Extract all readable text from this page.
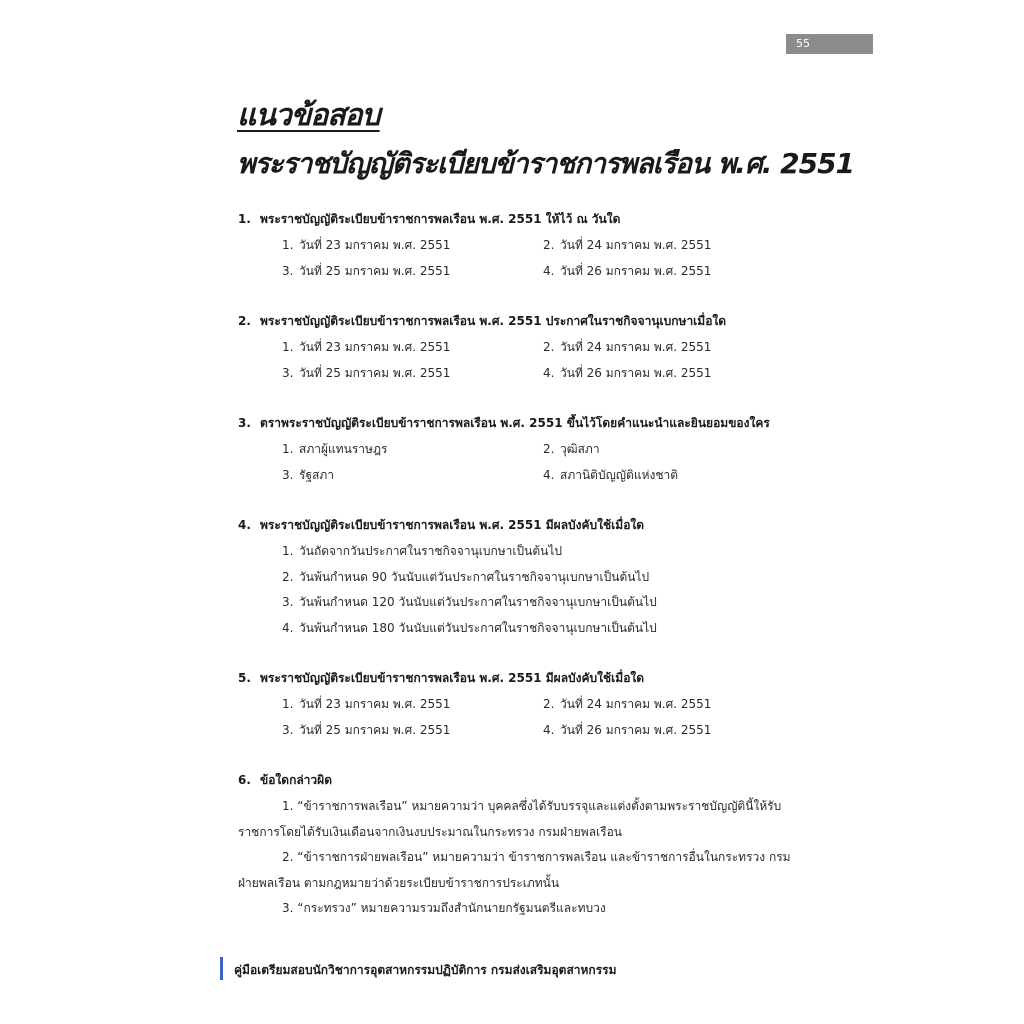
55
แนวข้อสอบ
พระราชบัญญัติระเบียบข้าราชการพลเรือน พ.ศ. 2551
1. พระราชบัญญัติระเบียบข้าราชการพลเรือน พ.ศ. 2551 ให้ไว้ ณ วันใด
1. วันที่ 23 มกราคม พ.ศ. 2551	2. วันที่ 24 มกราคม พ.ศ. 2551
3. วันที่ 25 มกราคม พ.ศ. 2551	4. วันที่ 26 มกราคม พ.ศ. 2551
2. พระราชบัญญัติระเบียบข้าราชการพลเรือน พ.ศ. 2551 ประกาศในราชกิจจานุเบกษาเมื่อใด
1. วันที่ 23 มกราคม พ.ศ. 2551	2. วันที่ 24 มกราคม พ.ศ. 2551
3. วันที่ 25 มกราคม พ.ศ. 2551	4. วันที่ 26 มกราคม พ.ศ. 2551
3. ตราพระราชบัญญัติระเบียบข้าราชการพลเรือน พ.ศ. 2551 ขึ้นไว้โดยคำแนะนำและยินยอมของใคร
1. สภาผู้แทนราษฎร	2. วุฒิสภา
3. รัฐสภา	4. สภานิติบัญญัติแห่งชาติ
4. พระราชบัญญัติระเบียบข้าราชการพลเรือน พ.ศ. 2551 มีผลบังคับใช้เมื่อใด
1. วันถัดจากวันประกาศในราชกิจจานุเบกษาเป็นต้นไป
2. วันพ้นกำหนด 90 วันนับแต่วันประกาศในราชกิจจานุเบกษาเป็นต้นไป
3. วันพ้นกำหนด 120 วันนับแต่วันประกาศในราชกิจจานุเบกษาเป็นต้นไป
4. วันพ้นกำหนด 180 วันนับแต่วันประกาศในราชกิจจานุเบกษาเป็นต้นไป
5. พระราชบัญญัติระเบียบข้าราชการพลเรือน พ.ศ. 2551 มีผลบังคับใช้เมื่อใด
1. วันที่ 23 มกราคม พ.ศ. 2551	2. วันที่ 24 มกราคม พ.ศ. 2551
3. วันที่ 25 มกราคม พ.ศ. 2551	4. วันที่ 26 มกราคม พ.ศ. 2551
6. ข้อใดกล่าวผิด
1. “ข้าราชการพลเรือน” หมายความว่า บุคคลซึ่งได้รับบรรจุและแต่งตั้งตามพระราชบัญญัตินี้ให้รับ
ราชการโดยได้รับเงินเดือนจากเงินงบประมาณในกระทรวง กรมฝ่ายพลเรือน
2. “ข้าราชการฝ่ายพลเรือน” หมายความว่า ข้าราชการพลเรือน และข้าราชการอื่นในกระทรวง กรม
ฝ่ายพลเรือน ตามกฎหมายว่าด้วยระเบียบข้าราชการประเภทนั้น
3. “กระทรวง” หมายความรวมถึงสำนักนายกรัฐมนตรีและทบวง
คู่มือเตรียมสอบนักวิชาการอุตสาหกรรมปฏิบัติการ กรมส่งเสริมอุตสาหกรรม
